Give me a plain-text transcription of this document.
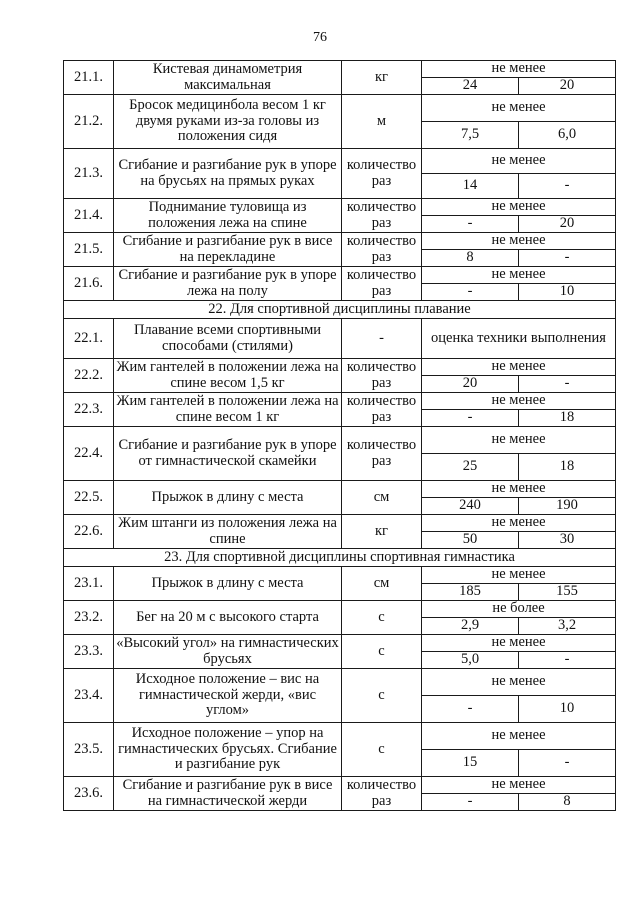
76
21.1.	Кистевая динамометрия максимальная	кг	не менее	
			24	20
21.2.	Бросок медицинбола весом 1 кг двумя руками из-за головы из положения сидя	м	не менее	
			7,5	6,0
21.3.	Сгибание и разгибание рук в упоре на брусьях на прямых руках	количество раз	не менее	
			14	-
21.4.	Поднимание туловища из положения лежа на спине	количество раз	не менее	
			-	20
21.5.	Сгибание и разгибание рук в висе на перекладине	количество раз	не менее	
			8	-
21.6.	Сгибание и разгибание рук в упоре лежа на полу	количество раз	не менее	
			-	10
22. Для спортивной дисциплины плавание				
22.1.	Плавание всеми спортивными способами (стилями)	-	оценка техники выполнения	
22.2.	Жим гантелей в положении лежа на спине весом 1,5 кг	количество раз	не менее	
			20	-
22.3.	Жим гантелей в положении лежа на спине весом 1 кг	количество раз	не менее	
			-	18
22.4.	Сгибание и разгибание рук в упоре от гимнастической скамейки	количество раз	не менее	
			25	18
22.5.	Прыжок в длину с места	см	не менее	
			240	190
22.6.	Жим штанги из положения лежа на спине	кг	не менее	
			50	30
23. Для спортивной дисциплины спортивная гимнастика				
23.1.	Прыжок в длину с места	см	не менее	
			185	155
23.2.	Бег на 20 м с высокого старта	с	не более	
			2,9	3,2
23.3.	«Высокий угол» на гимнастических брусьях	с	не менее	
			5,0	-
23.4.	Исходное положение – вис на гимнастической жерди, «вис углом»	с	не менее	
			-	10
23.5.	Исходное положение – упор на гимнастических брусьях. Сгибание и разгибание рук	с	не менее	
			15	-
23.6.	Сгибание и разгибание рук в висе на гимнастической жерди	количество раз	не менее	
			-	8
